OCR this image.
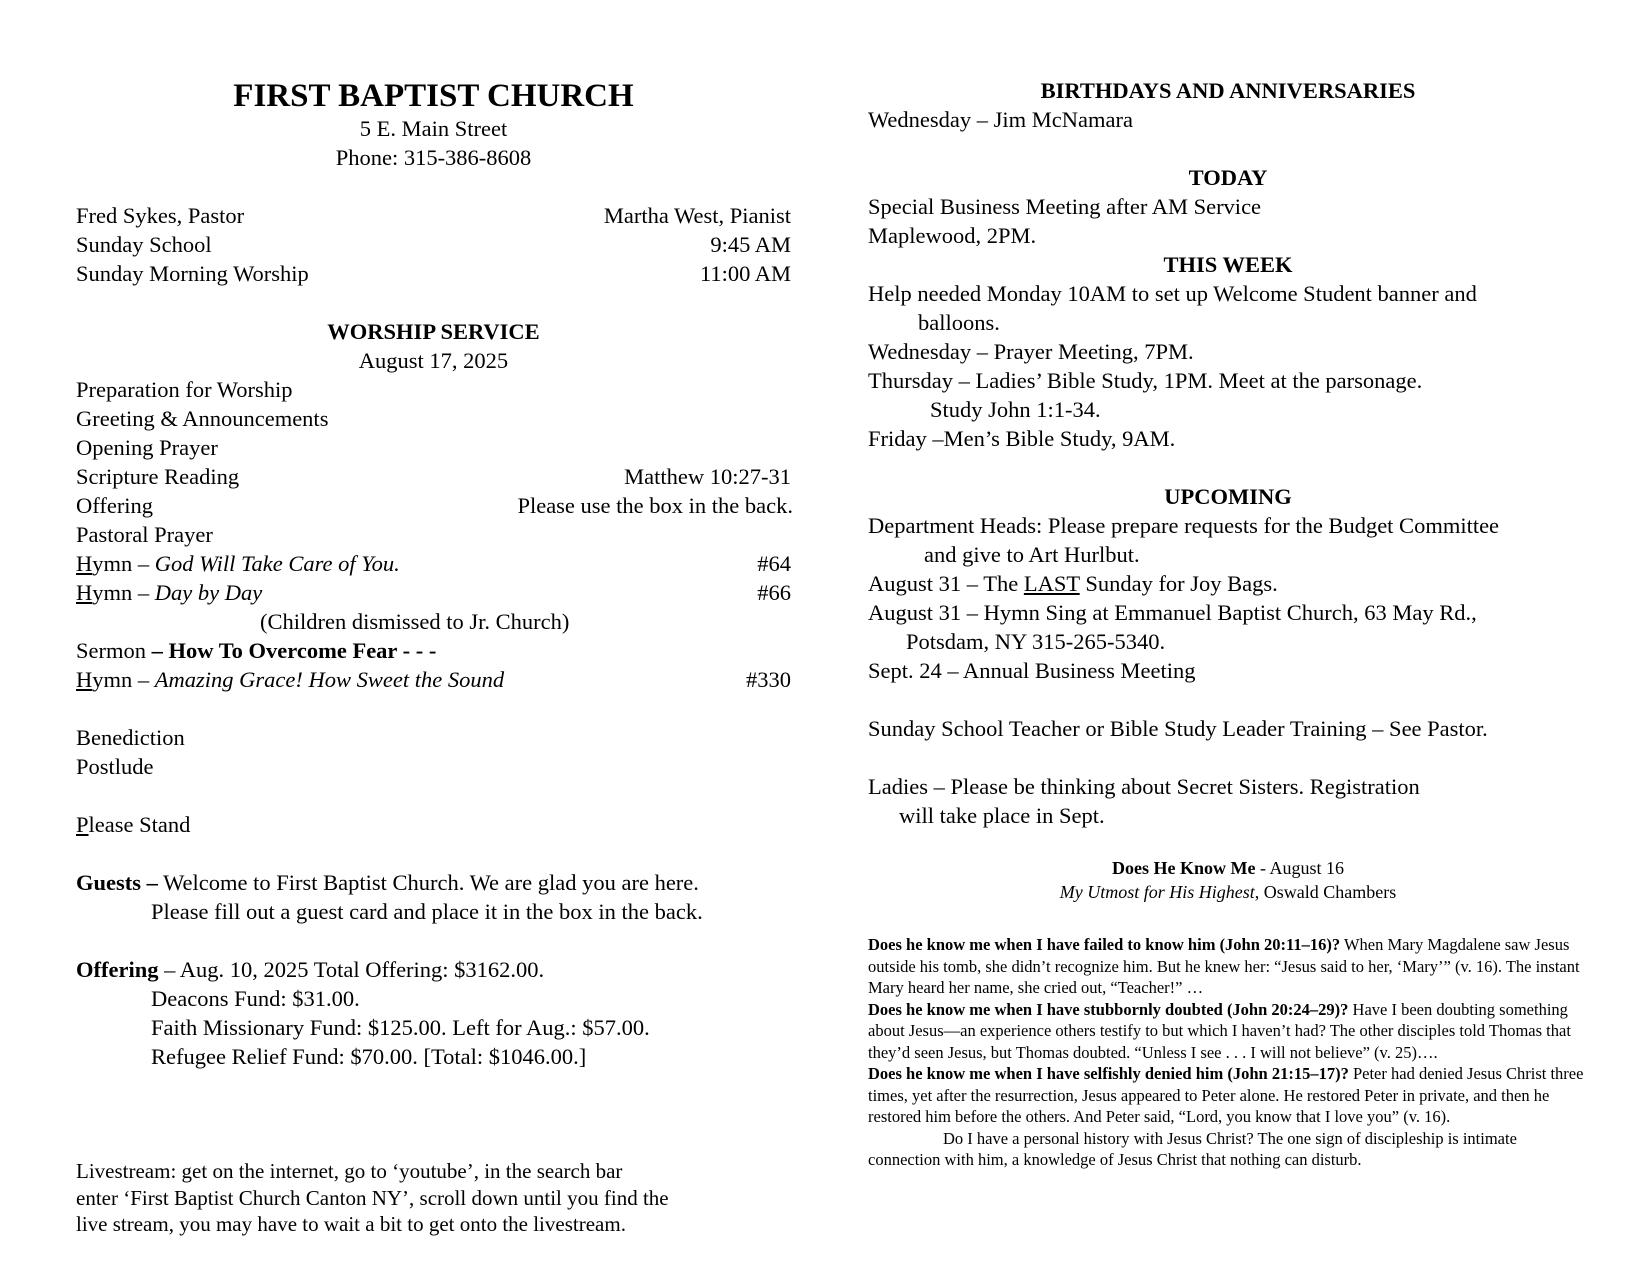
FIRST BAPTIST CHURCH
5 E. Main Street
Phone: 315-386-8608
Fred Sykes, Pastor	Martha West, Pianist
Sunday School	9:45 AM
Sunday Morning Worship	11:00 AM
WORSHIP SERVICE
August 17, 2025
Preparation for Worship
Greeting & Announcements
Opening Prayer
Scripture Reading	Matthew 10:27-31
Offering	Please use the box in the back.
Pastoral Prayer
Hymn – God Will Take Care of You.	#64
Hymn – Day by Day	#66
(Children dismissed to Jr. Church)
Sermon – How To Overcome Fear - - -
Hymn – Amazing Grace! How Sweet the Sound	#330
Benediction
Postlude
Please Stand
Guests – Welcome to First Baptist Church. We are glad you are here.
Please fill out a guest card and place it in the box in the back.
Offering – Aug. 10, 2025 Total Offering: $3162.00.
Deacons Fund: $31.00.
Faith Missionary Fund: $125.00. Left for Aug.: $57.00.
Refugee Relief Fund: $70.00. [Total: $1046.00.]
Livestream: get on the internet, go to ‘youtube’, in the search bar
enter ‘First Baptist Church Canton NY’, scroll down until you find the
live stream, you may have to wait a bit to get onto the livestream.
BIRTHDAYS AND ANNIVERSARIES
Wednesday – Jim McNamara
TODAY
Special Business Meeting after AM Service
Maplewood, 2PM.
THIS WEEK
Help needed Monday 10AM to set up Welcome Student banner and
balloons.
Wednesday – Prayer Meeting, 7PM.
Thursday – Ladies’ Bible Study, 1PM. Meet at the parsonage.
Study John 1:1-34.
Friday –Men’s Bible Study, 9AM.
UPCOMING
Department Heads: Please prepare requests for the Budget Committee
and give to Art Hurlbut.
August 31 – The LAST Sunday for Joy Bags.
August 31 – Hymn Sing at Emmanuel Baptist Church, 63 May Rd.,
Potsdam, NY 315-265-5340.
Sept. 24 – Annual Business Meeting
Sunday School Teacher or Bible Study Leader Training – See Pastor.
Ladies – Please be thinking about Secret Sisters. Registration
will take place in Sept.
Does He Know Me - August 16
My Utmost for His Highest, Oswald Chambers
Does he know me when I have failed to know him (John 20:11–16)? When Mary Magdalene saw Jesus outside his tomb, she didn’t recognize him. But he knew her: “Jesus said to her, ‘Mary’” (v. 16). The instant Mary heard her name, she cried out, “Teacher!” …
Does he know me when I have stubbornly doubted (John 20:24–29)? Have I been doubting something about Jesus—an experience others testify to but which I haven’t had? The other disciples told Thomas that they’d seen Jesus, but Thomas doubted. “Unless I see . . . I will not believe” (v. 25)….
Does he know me when I have selfishly denied him (John 21:15–17)? Peter had denied Jesus Christ three times, yet after the resurrection, Jesus appeared to Peter alone. He restored Peter in private, and then he restored him before the others. And Peter said, “Lord, you know that I love you” (v. 16).
Do I have a personal history with Jesus Christ? The one sign of discipleship is intimate connection with him, a knowledge of Jesus Christ that nothing can disturb.
